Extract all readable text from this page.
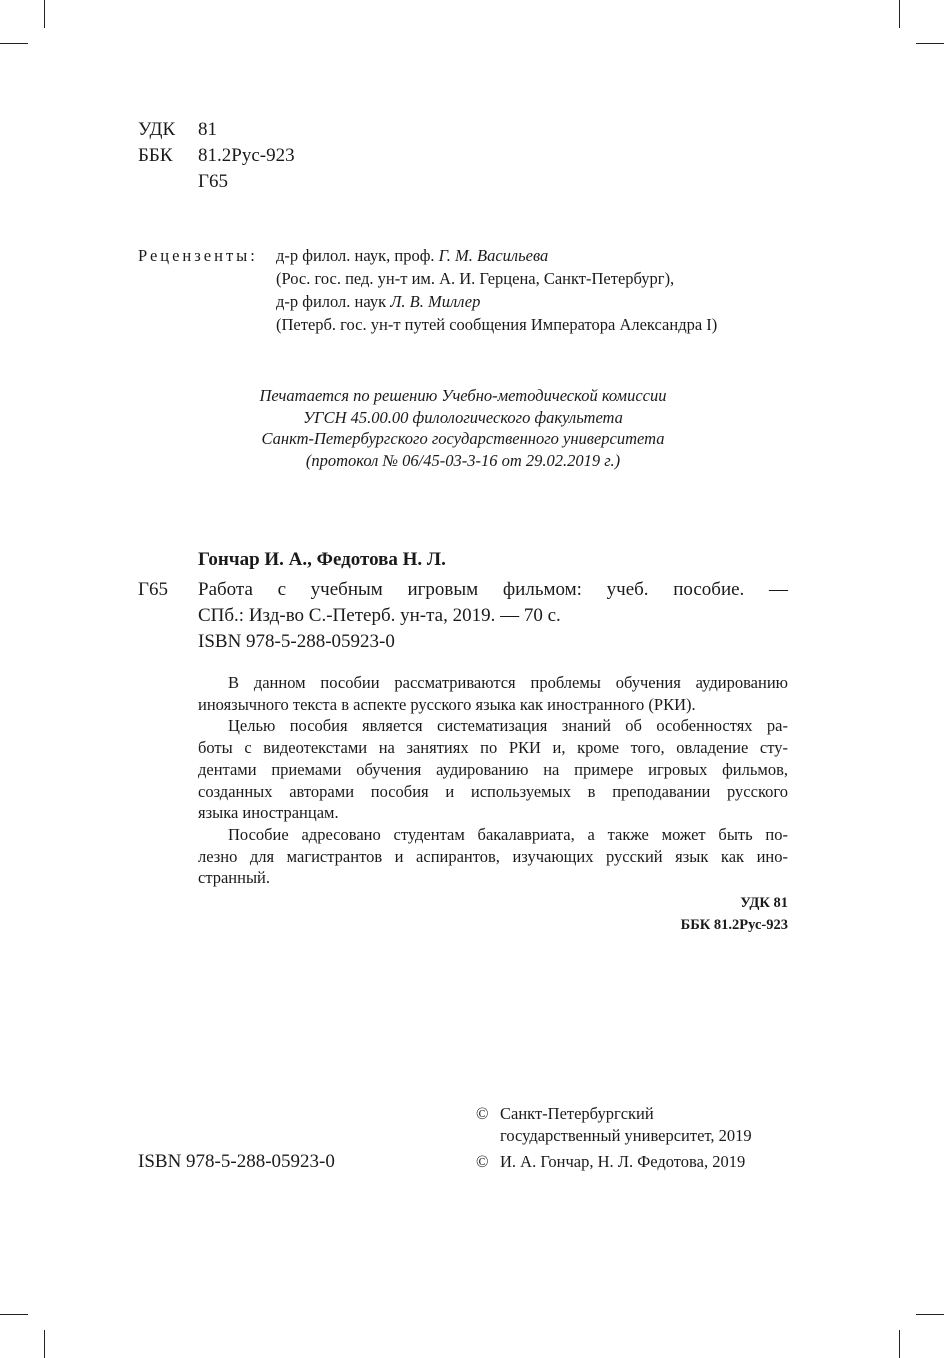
УДК 81
ББК 81.2Рус-923
Г65
Рецензенты: д-р филол. наук, проф. Г. М. Васильева
(Рос. гос. пед. ун-т им. А. И. Герцена, Санкт-Петербург),
д-р филол. наук Л. В. Миллер
(Петерб. гос. ун-т путей сообщения Императора Александра I)
Печатается по решению Учебно-методической комиссии
УГСН 45.00.00 филологического факультета
Санкт-Петербургского государственного университета
(протокол № 06/45-03-3-16 от 29.02.2019 г.)
Гончар И. А., Федотова Н. Л.
Г65 Работа с учебным игровым фильмом: учеб. пособие. —
СПб.: Изд-во С.-Петерб. ун-та, 2019. — 70 с.
ISBN 978-5-288-05923-0
В данном пособии рассматриваются проблемы обучения аудированию
иноязычного текста в аспекте русского языка как иностранного (РКИ).
Целью пособия является систематизация знаний об особенностях ра-
боты с видеотекстами на занятиях по РКИ и, кроме того, овладение сту-
дентами приемами обучения аудированию на примере игровых фильмов,
созданных авторами пособия и используемых в преподавании русского
языка иностранцам.
Пособие адресовано студентам бакалавриата, а также может быть по-
лезно для магистрантов и аспирантов, изучающих русский язык как ино-
странный.
УДК 81
ББК 81.2Рус-923
ISBN 978-5-288-05923-0
© Санкт-Петербургский
государственный университет, 2019
© И. А. Гончар, Н. Л. Федотова, 2019
